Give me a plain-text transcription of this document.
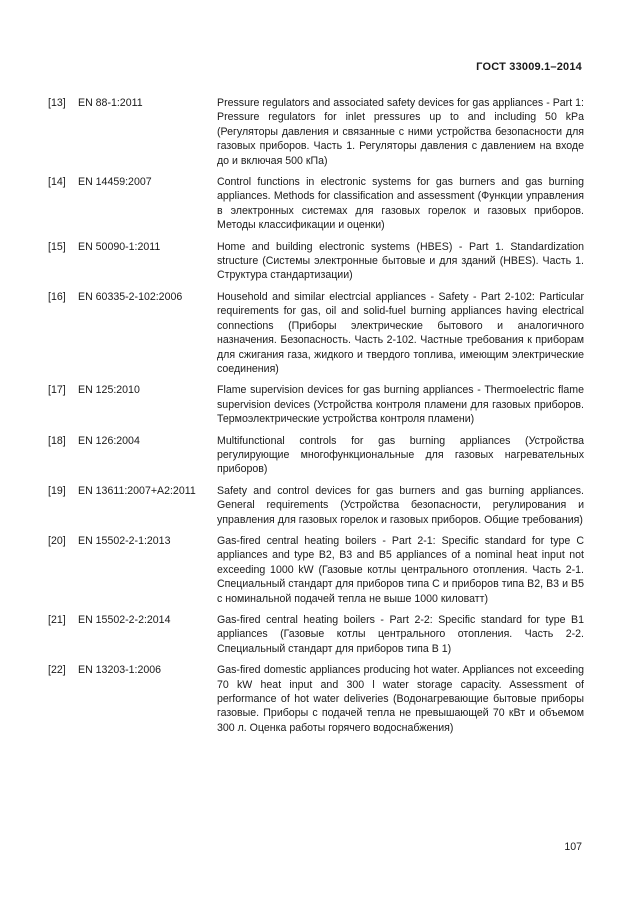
ГОСТ 33009.1–2014
[13]	EN 88-1:2011	Pressure regulators and associated safety devices for gas appliances - Part 1: Pressure regulators for inlet pressures up to and including 50 kPa (Регуляторы давления и связанные с ними устройства безопасности для газовых приборов. Часть 1. Регуляторы давления с давлением на входе до и включая 500 кПа)
[14]	EN 14459:2007	Control functions in electronic systems for gas burners and gas burning appliances. Methods for classification and assessment (Функции управления в электронных системах для газовых горелок и газовых приборов. Методы классификации и оценки)
[15]	EN 50090-1:2011	Home and building electronic systems (HBES) - Part 1. Standardization structure (Системы электронные бытовые и для зданий (HBES). Часть 1. Структура стандартизации)
[16]	EN 60335-2-102:2006	Household and similar electrcial appliances - Safety - Part 2-102: Particular requirements for gas, oil and solid-fuel burning appliances having electrical connections (Приборы электрические бытового и аналогичного назначения. Безопасность. Часть 2-102. Частные требования к приборам для сжигания газа, жидкого и твердого топлива, имеющим электрические соединения)
[17]	EN 125:2010	Flame supervision devices for gas burning appliances - Thermoelectric flame supervision devices (Устройства контроля пламени для газовых приборов. Термоэлектрические устройства контроля пламени)
[18]	EN 126:2004	Multifunctional controls for gas burning appliances (Устройства регулирующие многофункциональные для газовых нагревательных приборов)
[19]	EN 13611:2007+A2:2011	Safety and control devices for gas burners and gas burning appliances. General requirements (Устройства безопасности, регулирования и управления для газовых горелок и газовых приборов. Общие требования)
[20]	EN 15502-2-1:2013	Gas-fired central heating boilers - Part 2-1: Specific standard for type C appliances and type B2, B3 and B5 appliances of a nominal heat input not exceeding 1000 kW (Газовые котлы центрального отопления. Часть 2-1. Специальный стандарт для приборов типа С и приборов типа В2, В3 и В5 с номинальной подачей тепла не выше 1000 киловатт)
[21]	EN 15502-2-2:2014	Gas-fired central heating boilers - Part 2-2: Specific standard for type B1 appliances (Газовые котлы центрального отопления. Часть 2-2. Специальный стандарт для приборов типа В 1)
[22]	EN 13203-1:2006	Gas-fired domestic appliances producing hot water. Appliances not exceeding 70 kW heat input and 300 l water storage capacity. Assessment of performance of hot water deliveries (Водонагревающие бытовые приборы газовые. Приборы с подачей тепла не превышающей 70 кВт и объемом 300 л. Оценка работы горячего водоснабжения)
107
